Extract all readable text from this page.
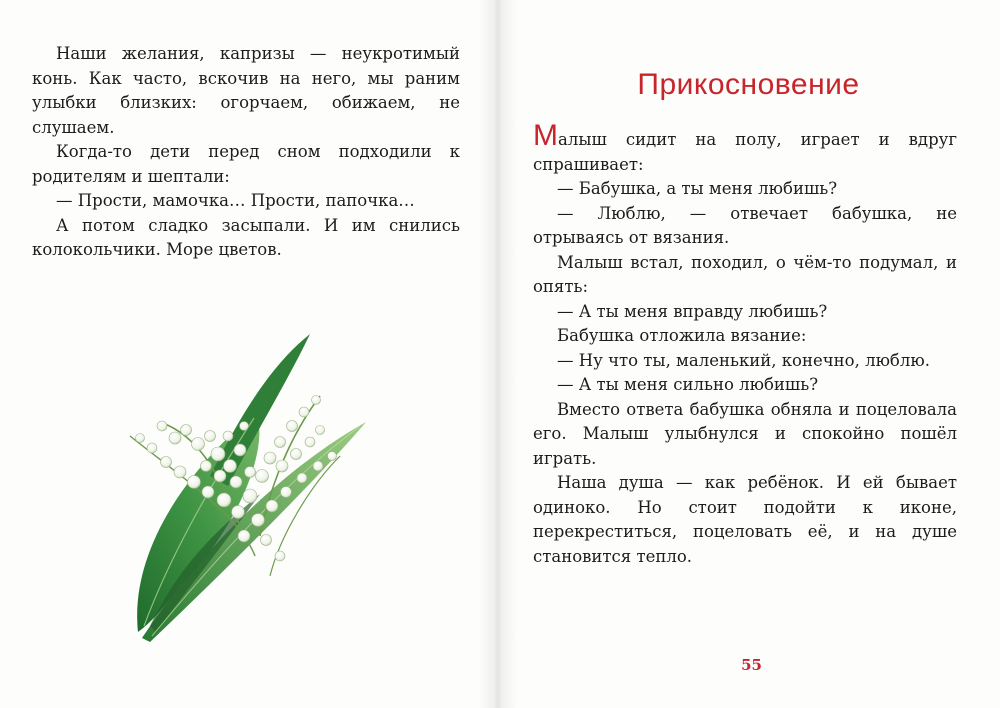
Наши желания, капризы — неукротимый конь. Как часто, вскочив на него, мы раним улыбки близких: огорчаем, обижаем, не слушаем.

Когда-то дети перед сном подходили к родителям и шептали:

— Прости, мамочка… Прости, папочка…

А потом сладко засыпали. И им снились колокольчики. Море цветов.

Прикосновение

Малыш сидит на полу, играет и вдруг спрашивает:

— Бабушка, а ты меня любишь?

— Люблю, — отвечает бабушка, не отрываясь от вязания.

Малыш встал, походил, о чём-то подумал, и опять:

— А ты меня вправду любишь?

Бабушка отложила вязание:

— Ну что ты, маленький, конечно, люблю.

— А ты меня сильно любишь?

Вместо ответа бабушка обняла и поцеловала его. Малыш улыбнулся и спокойно пошёл играть.

Наша душа — как ребёнок. И ей бывает одиноко. Но стоит подойти к иконе, перекреститься, поцеловать её, и на душе становится тепло.

55
